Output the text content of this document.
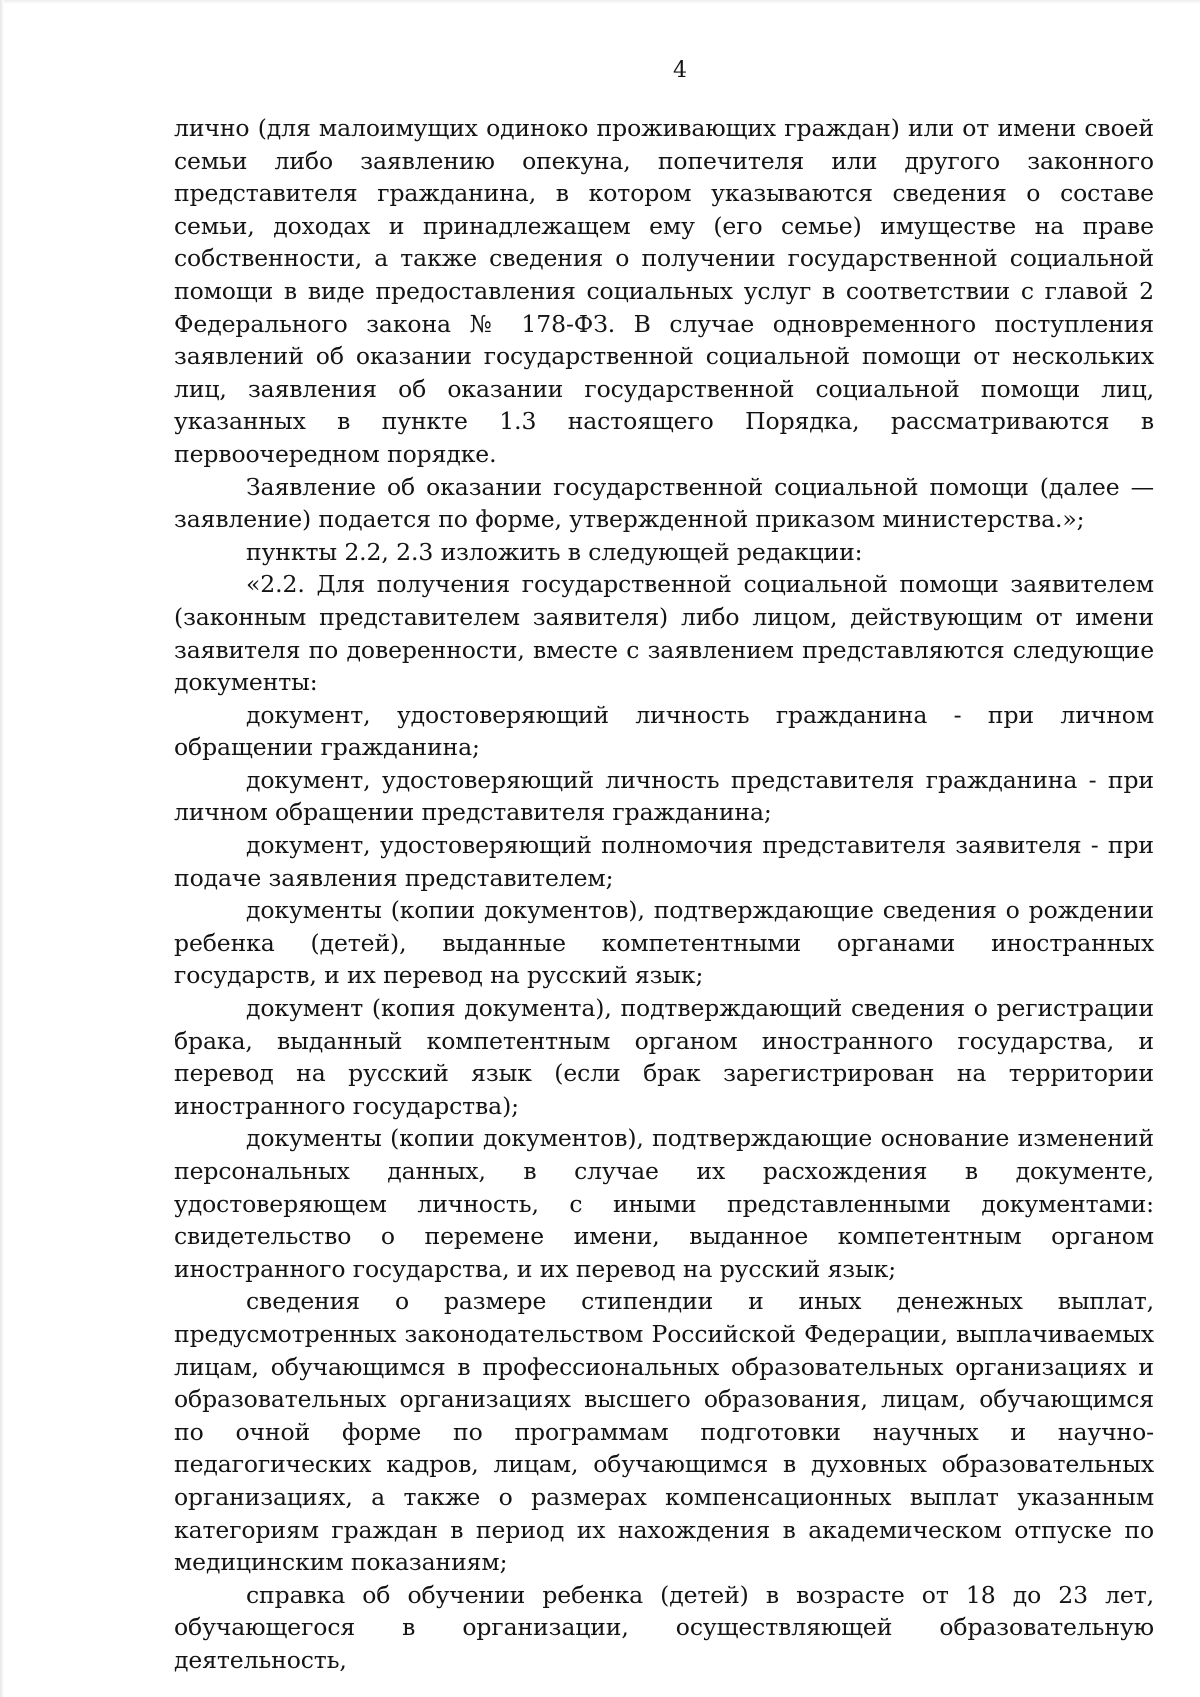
4

лично (для малоимущих одиноко проживающих граждан) или от имени своей семьи либо заявлению опекуна, попечителя или другого законного представителя гражданина, в котором указываются сведения о составе семьи, доходах и принадлежащем ему (его семье) имуществе на праве собственности, а также сведения о получении государственной социальной помощи в виде предоставления социальных услуг в соответствии с главой 2 Федерального закона № 178-ФЗ. В случае одновременного поступления заявлений об оказании государственной социальной помощи от нескольких лиц, заявления об оказании государственной социальной помощи лиц, указанных в пункте 1.3 настоящего Порядка, рассматриваются в первоочередном порядке.

Заявление об оказании государственной социальной помощи (далее — заявление) подается по форме, утвержденной приказом министерства.»;

пункты 2.2, 2.3 изложить в следующей редакции:

«2.2. Для получения государственной социальной помощи заявителем (законным представителем заявителя) либо лицом, действующим от имени заявителя по доверенности, вместе с заявлением представляются следующие документы:

документ, удостоверяющий личность гражданина - при личном обращении гражданина;

документ, удостоверяющий личность представителя гражданина - при личном обращении представителя гражданина;

документ, удостоверяющий полномочия представителя заявителя - при подаче заявления представителем;

документы (копии документов), подтверждающие сведения о рождении ребенка (детей), выданные компетентными органами иностранных государств, и их перевод на русский язык;

документ (копия документа), подтверждающий сведения о регистрации брака, выданный компетентным органом иностранного государства, и перевод на русский язык (если брак зарегистрирован на территории иностранного государства);

документы (копии документов), подтверждающие основание изменений персональных данных, в случае их расхождения в документе, удостоверяющем личность, с иными представленными документами: свидетельство о перемене имени, выданное компетентным органом иностранного государства, и их перевод на русский язык;

сведения о размере стипендии и иных денежных выплат, предусмотренных законодательством Российской Федерации, выплачиваемых лицам, обучающимся в профессиональных образовательных организациях и образовательных организациях высшего образования, лицам, обучающимся по очной форме по программам подготовки научных и научно-педагогических кадров, лицам, обучающимся в духовных образовательных организациях, а также о размерах компенсационных выплат указанным категориям граждан в период их нахождения в академическом отпуске по медицинским показаниям;

справка об обучении ребенка (детей) в возрасте от 18 до 23 лет, обучающегося в организации, осуществляющей образовательную деятельность,
